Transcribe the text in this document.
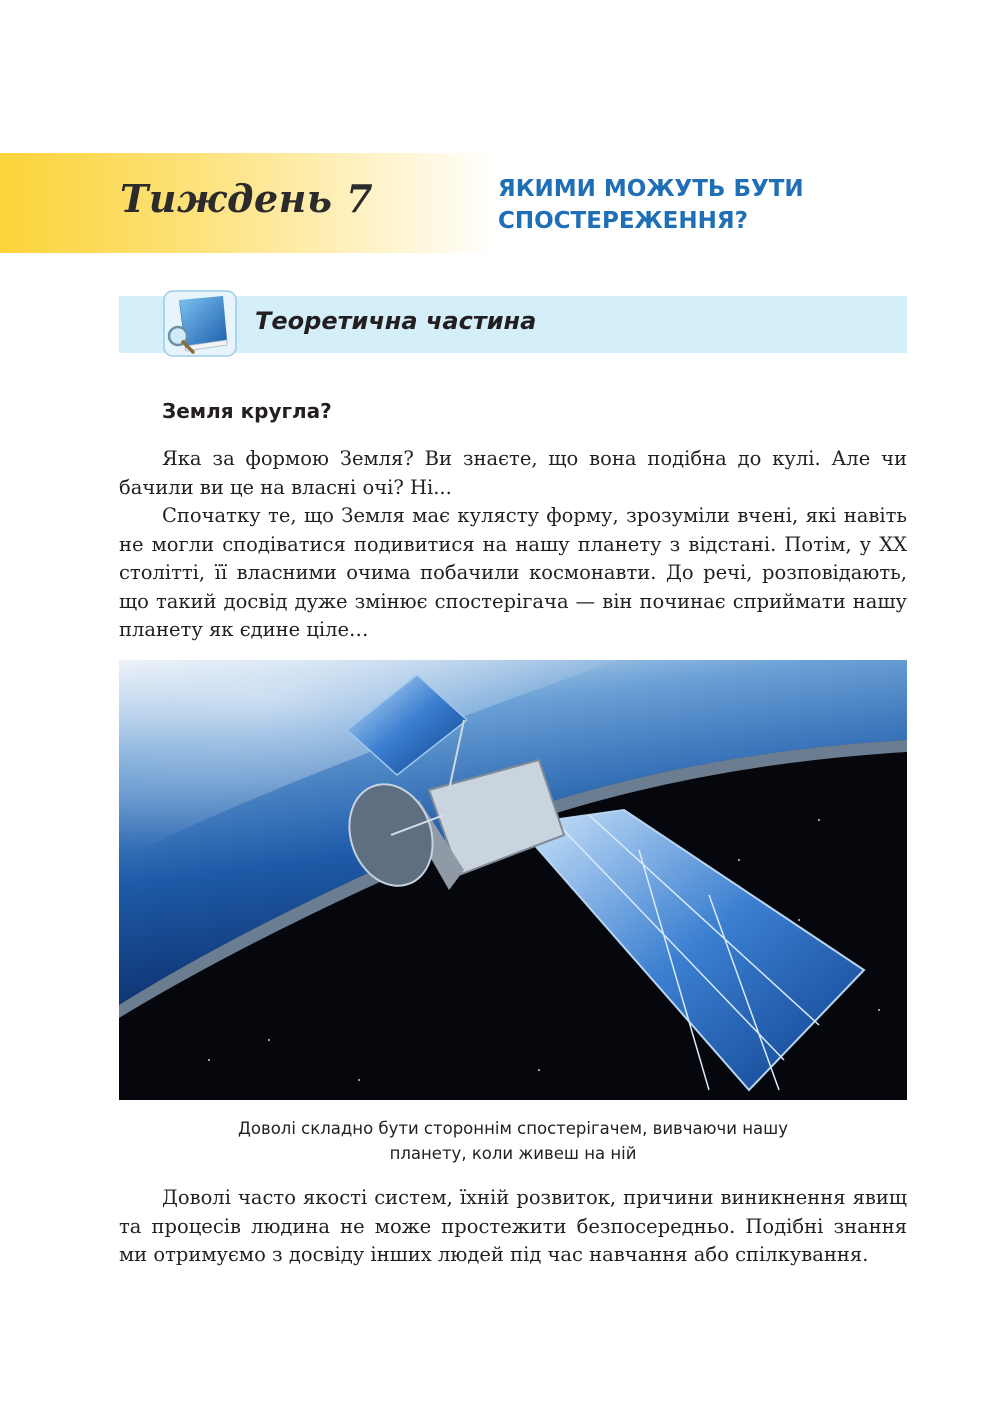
Тиждень 7	ЯКИМИ МОЖУТЬ БУТИ
СПОСТЕРЕЖЕННЯ?
Теоретична частина
Земля кругла?

Яка за формою Земля? Ви знаєте, що вона подібна до кулі. Але чи бачили ви це на власні очі? Ні...

Спочатку те, що Земля має кулясту форму, зрозуміли вчені, які навіть не могли сподіватися подивитися на нашу планету з відстані. Потім, у ХХ столітті, її власними очима побачили космонавти. До речі, розповідають, що такий досвід дуже змінює спостерігача — він починає сприймати нашу планету як єдине ціле…

Доволі складно бути стороннім спостерігачем, вивчаючи нашу
планету, коли живеш на ній

Доволі часто якості систем, їхній розвиток, причини виникнення явищ та процесів людина не може простежити безпосередньо. Подібні знання ми отримуємо з досвіду інших людей під час навчання або спілкування.
